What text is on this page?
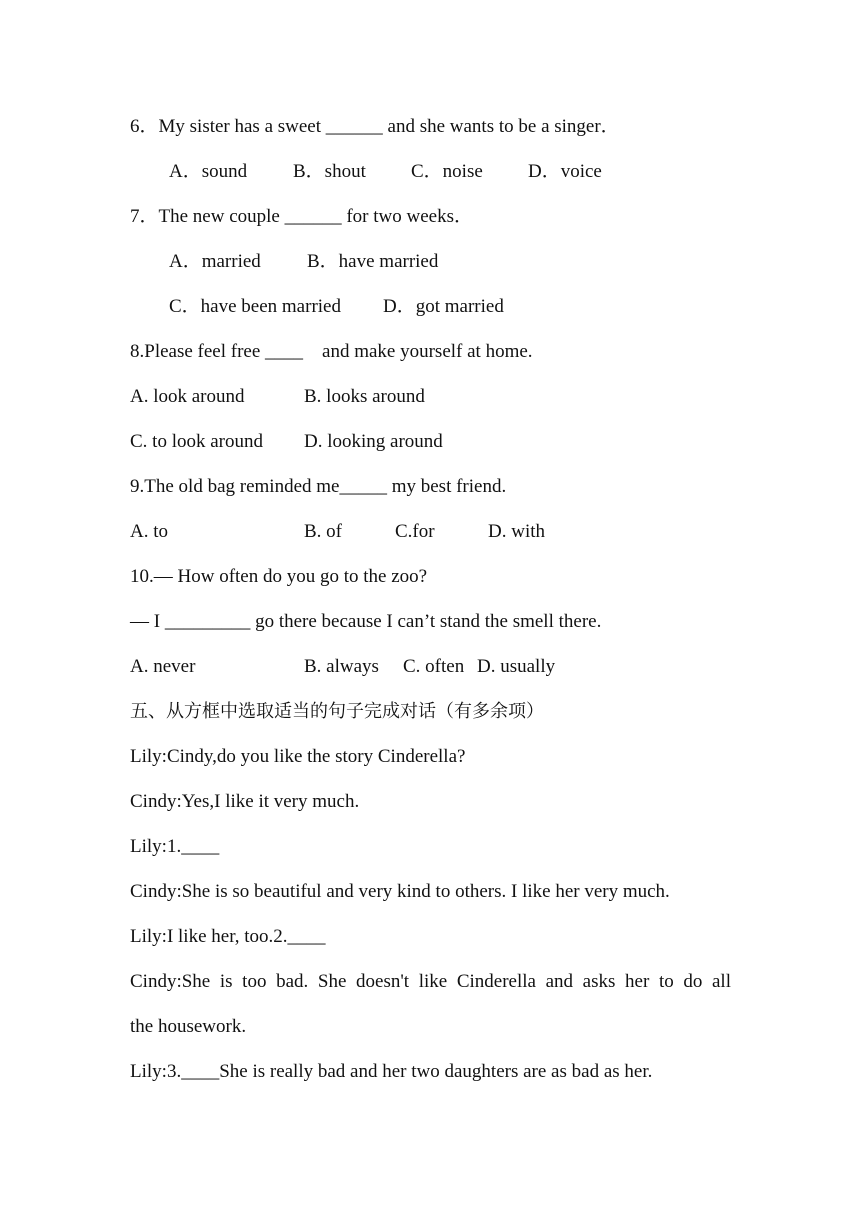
6．My sister has a sweet ______ and she wants to be a singer．

A．sound

B．shout

C．noise

D．voice

7．The new couple ______ for two weeks．

A．married

B．have married

C．have been married

D．got married

8.Please feel free ____    and make yourself at home.

A. look around

	B. looks around

C. to look around

D. looking around

9.The old bag reminded me_____ my best friend.

A. to

	B. of

	C.for

	D. with

10.— How often do you go to the zoo?
— I _________ go there because I can’t stand the smell there.

A. never

	B. always

C. often

D. usually

五、从方框中选取适当的句子完成对话（有多余项）
Lily:Cindy,do you like the story Cinderella?
Cindy:Yes,I like it very much.
Lily:1.____
Cindy:She is so beautiful and very kind to others. I like her very much.
Lily:I like her, too.2.____
Cindy:She is too bad. She doesn't like Cinderella and asks her to do all
the housework.
Lily:3.____She is really bad and her two daughters are as bad as her.
